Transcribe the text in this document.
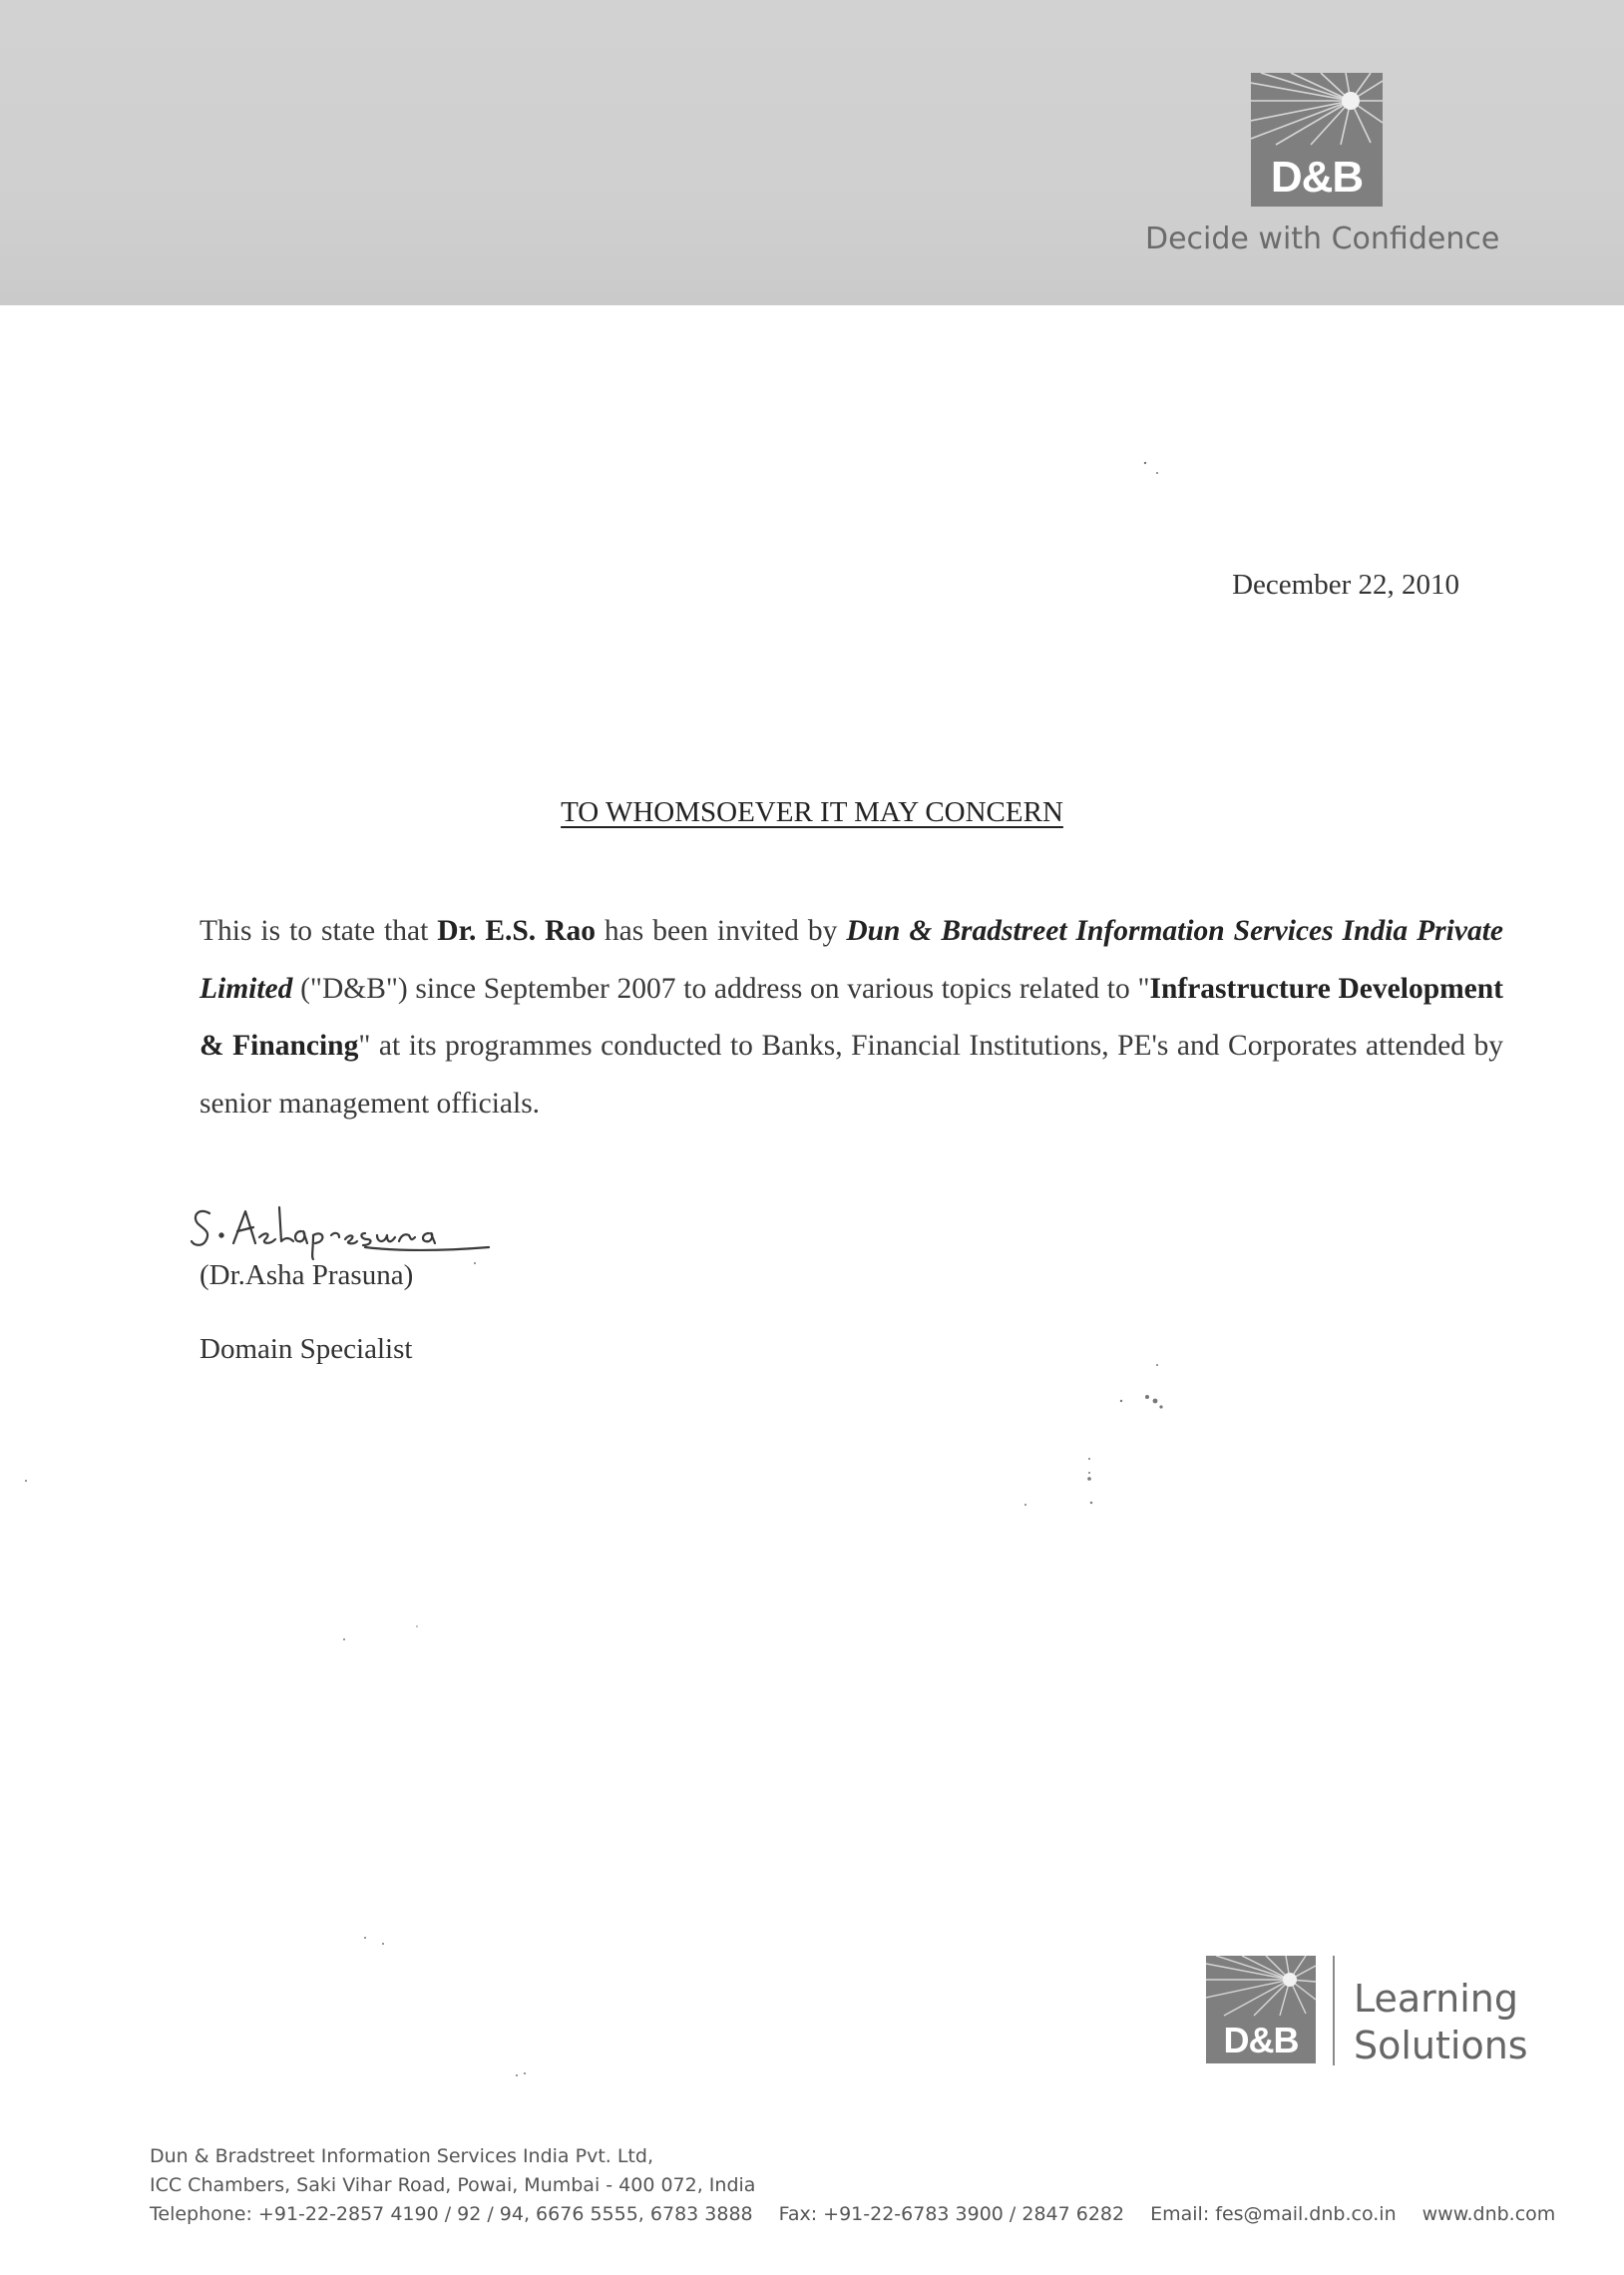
D&B
Decide with Confidence
December 22, 2010
TO WHOMSOEVER IT MAY CONCERN
This is to state that Dr. E.S. Rao has been invited by Dun & Bradstreet Information Services India Private Limited ("D&B") since September 2007 to address on various topics related to "Infrastructure Development & Financing" at its programmes conducted to Banks, Financial Institutions, PE's and Corporates attended by senior management officials.
(Dr.Asha Prasuna)
Domain Specialist
D&B
Learning
Solutions
Dun & Bradstreet Information Services India Pvt. Ltd,
ICC Chambers, Saki Vihar Road, Powai, Mumbai - 400 072, India
Telephone: +91-22-2857 4190 / 92 / 94, 6676 5555, 6783 3888 Fax: +91-22-6783 3900 / 2847 6282 Email: fes@mail.dnb.co.in www.dnb.com
